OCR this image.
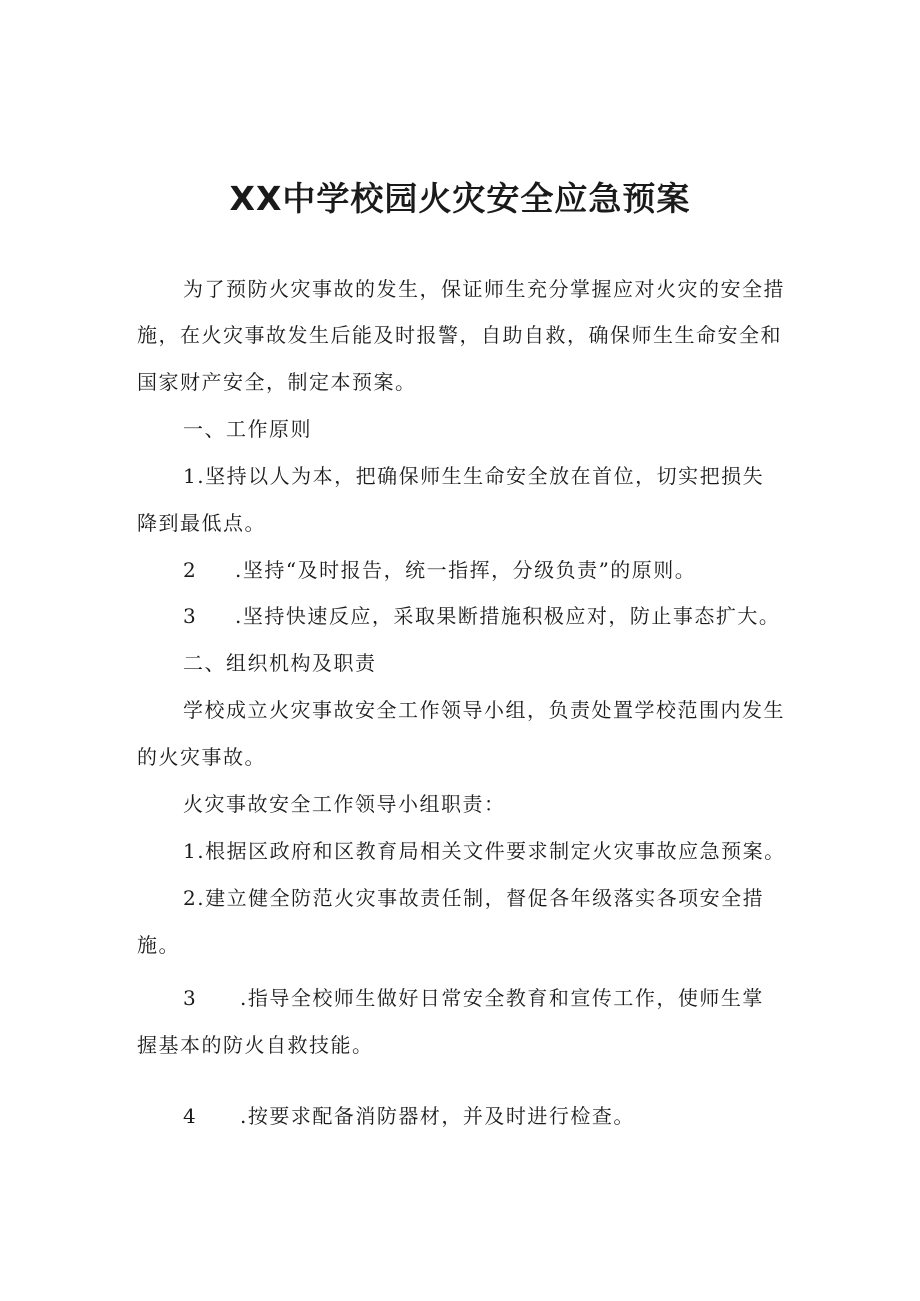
XX中学校园火灾安全应急预案
为了预防火灾事故的发生，保证师生充分掌握应对火灾的安全措
施，在火灾事故发生后能及时报警，自助自救，确保师生生命安全和
国家财产安全，制定本预案。
一、工作原则
1.坚持以人为本，把确保师生生命安全放在首位，切实把损失
降到最低点。
2 .坚持“及时报告，统一指挥，分级负责”的原则。
3 .坚持快速反应，采取果断措施积极应对，防止事态扩大。
二、组织机构及职责
学校成立火灾事故安全工作领导小组，负责处置学校范围内发生
的火灾事故。
火灾事故安全工作领导小组职责：
1.根据区政府和区教育局相关文件要求制定火灾事故应急预案。
2.建立健全防范火灾事故责任制，督促各年级落实各项安全措
施。
3 .指导全校师生做好日常安全教育和宣传工作，使师生掌
握基本的防火自救技能。
4 .按要求配备消防器材，并及时进行检查。
